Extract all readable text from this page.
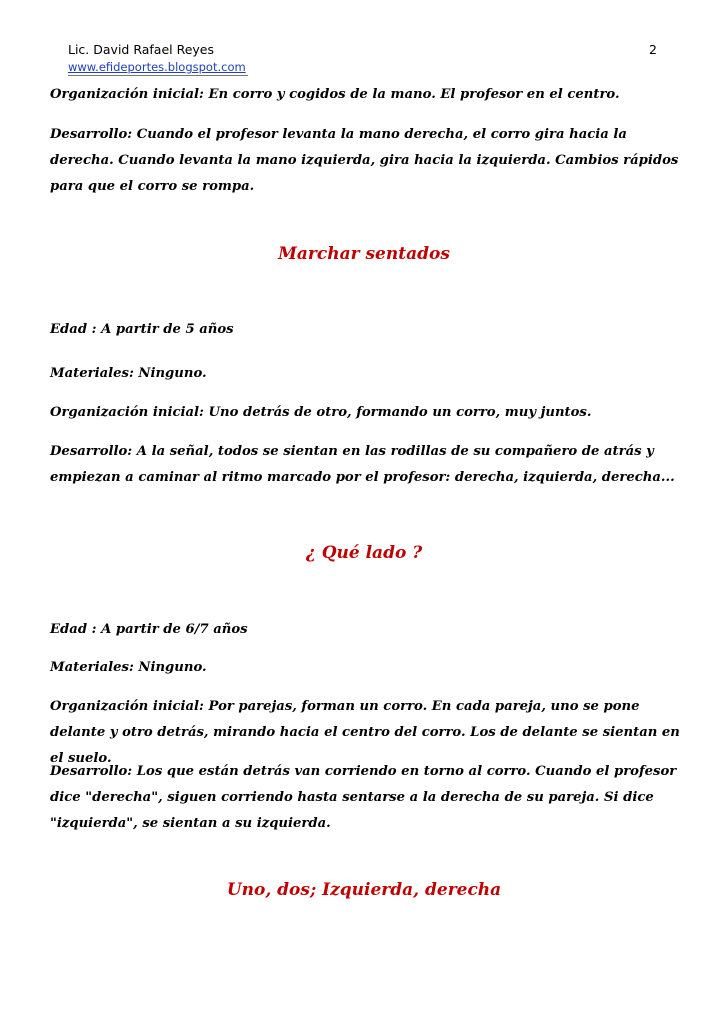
Lic. David Rafael Reyes	2
www.efideportes.blogspot.com

Organización inicial: En corro y cogidos de la mano. El profesor en el centro.

Desarrollo: Cuando el profesor levanta la mano derecha, el corro gira hacia la derecha. Cuando levanta la mano izquierda, gira hacia la izquierda. Cambios rápidos para que el corro se rompa.

Marchar sentados

Edad : A partir de 5 años

Materiales: Ninguno.

Organización inicial: Uno detrás de otro, formando un corro, muy juntos.

Desarrollo: A la señal, todos se sientan en las rodillas de su compañero de atrás y empiezan a caminar al ritmo marcado por el profesor: derecha, izquierda, derecha...

¿ Qué lado ?

Edad : A partir de 6/7 años

Materiales: Ninguno.

Organización inicial: Por parejas, forman un corro. En cada pareja, uno se pone delante y otro detrás, mirando hacia el centro del corro. Los de delante se sientan en el suelo.

Desarrollo: Los que están detrás van corriendo en torno al corro. Cuando el profesor dice "derecha", siguen corriendo hasta sentarse a la derecha de su pareja. Si dice "izquierda", se sientan a su izquierda.

Uno, dos; Izquierda, derecha
